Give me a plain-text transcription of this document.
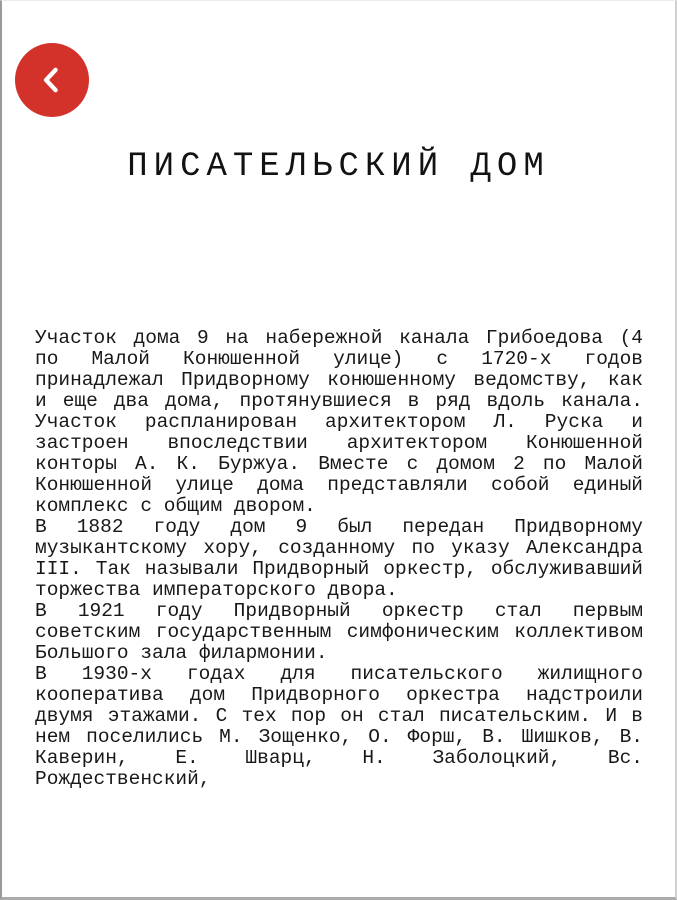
ПИСАТЕЛЬСКИЙ ДОМ

Участок дома 9 на набережной канала Грибоедова (4 по Малой Конюшенной улице) с 1720-х годов принадлежал Придворному конюшенному ведомству, как и еще два дома, протянувшиеся в ряд вдоль канала. Участок распланирован архитектором Л. Руска и застроен впоследствии архитектором Конюшенной конторы А. К. Буржуа. Вместе с домом 2 по Малой Конюшенной улице дома представляли собой единый комплекс с общим двором.

В 1882 году дом 9 был передан Придворному музыкантскому хору, созданному по указу Александра III. Так называли Придворный оркестр, обслуживавший торжества императорского двора.

В 1921 году Придворный оркестр стал первым советским государственным симфоническим коллективом Большого зала филармонии.

В 1930-х годах для писательского жилищного кооператива дом Придворного оркестра надстроили двумя этажами. С тех пор он стал писательским. И в нем поселились М. Зощенко, О. Форш, В. Шишков, В. Каверин, Е. Шварц, Н. Заболоцкий, Вс. Рождественский,
